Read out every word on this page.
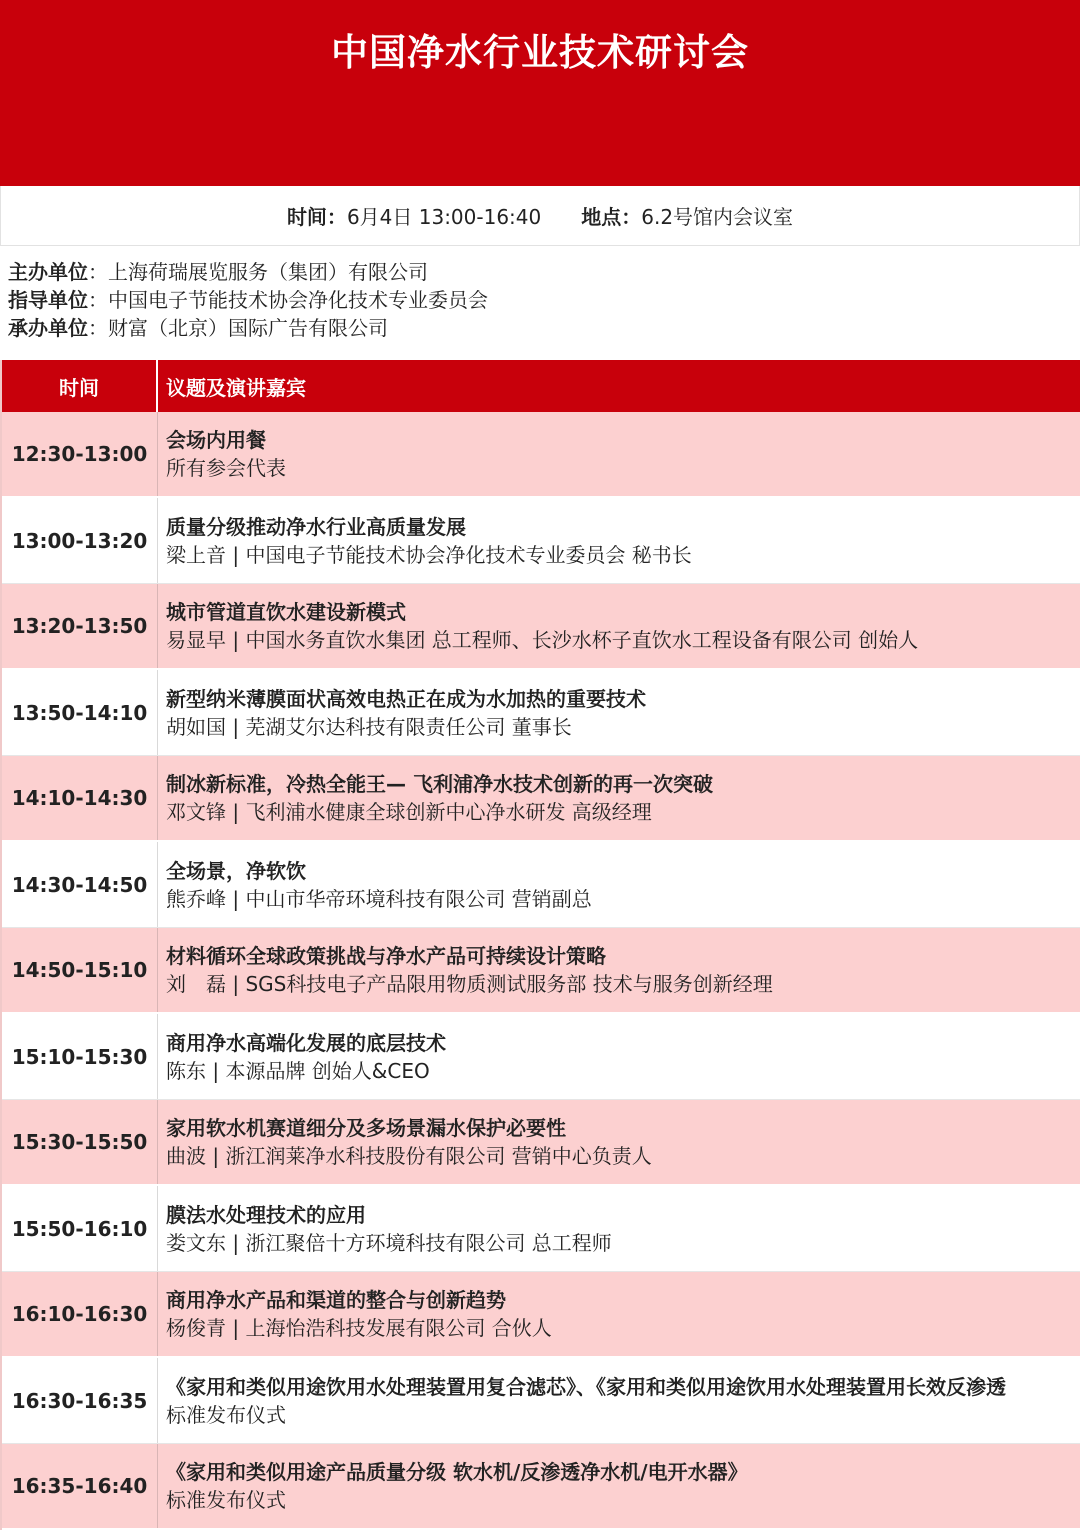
中国净水行业技术研讨会
时间： 6月4日 13:00-16:40 地点： 6.2号馆内会议室
主办单位：上海荷瑞展览服务（集团）有限公司
指导单位：中国电子节能技术协会净化技术专业委员会
承办单位：财富（北京）国际广告有限公司
时间	议题及演讲嘉宾
12:30-13:00
会场内用餐
所有参会代表
13:00-13:20
质量分级推动净水行业高质量发展
梁上音 | 中国电子节能技术协会净化技术专业委员会 秘书长
13:20-13:50
城市管道直饮水建设新模式
易显早 | 中国水务直饮水集团 总工程师、长沙水杯子直饮水工程设备有限公司 创始人
13:50-14:10
新型纳米薄膜面状高效电热正在成为水加热的重要技术
胡如国 | 芜湖艾尔达科技有限责任公司 董事长
14:10-14:30
制冰新标准，冷热全能王— 飞利浦净水技术创新的再一次突破
邓文锋 | 飞利浦水健康全球创新中心净水研发 高级经理
14:30-14:50
全场景，净软饮
熊乔峰 | 中山市华帝环境科技有限公司 营销副总
14:50-15:10
材料循环全球政策挑战与净水产品可持续设计策略
刘　磊 | SGS科技电子产品限用物质测试服务部 技术与服务创新经理
15:10-15:30
商用净水高端化发展的底层技术
陈东 | 本源品牌 创始人&CEO
15:30-15:50
家用软水机赛道细分及多场景漏水保护必要性
曲波 | 浙江润莱净水科技股份有限公司 营销中心负责人
15:50-16:10
膜法水处理技术的应用
娄文东 | 浙江聚倍十方环境科技有限公司 总工程师
16:10-16:30
商用净水产品和渠道的整合与创新趋势
杨俊青 | 上海怡浩科技发展有限公司 合伙人
16:30-16:35
《家用和类似用途饮用水处理装置用复合滤芯》、《家用和类似用途饮用水处理装置用长效反渗透
标准发布仪式
16:35-16:40
《家用和类似用途产品质量分级 软水机/反渗透净水机/电开水器》
标准发布仪式
